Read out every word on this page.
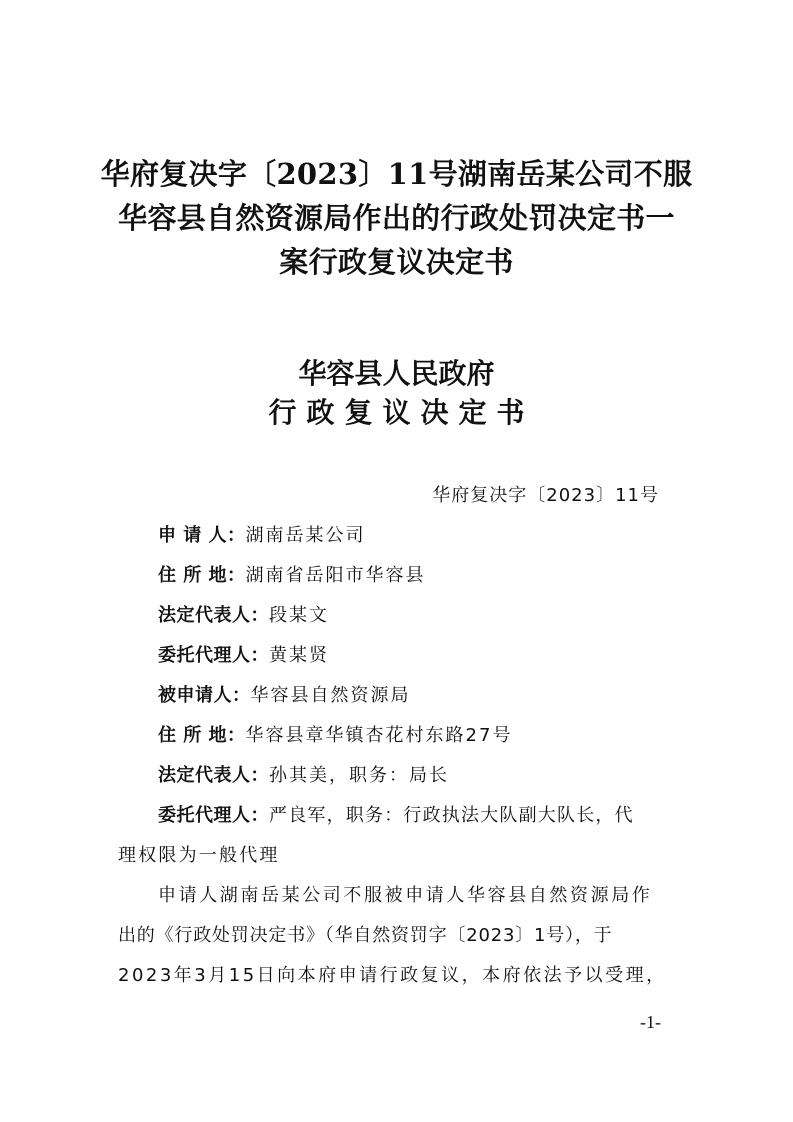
华府复决字〔2023〕11号湖南岳某公司不服
华容县自然资源局作出的行政处罚决定书一
案行政复议决定书
华容县人民政府
行政复议决定书
华府复决字〔2023〕11号
申 请 人：湖南岳某公司
住 所 地：湖南省岳阳市华容县
法定代表人：段某文
委托代理人：黄某贤
被申请人：华容县自然资源局
住 所 地：华容县章华镇杏花村东路27号
法定代表人：孙其美，职务：局长
委托代理人：严良军，职务：行政执法大队副大队长，代
理权限为一般代理
申请人湖南岳某公司不服被申请人华容县自然资源局作
出的《行政处罚决定书》（华自然资罚字〔2023〕1号），于
2023年3月15日向本府申请行政复议，本府依法予以受理，
-1-
